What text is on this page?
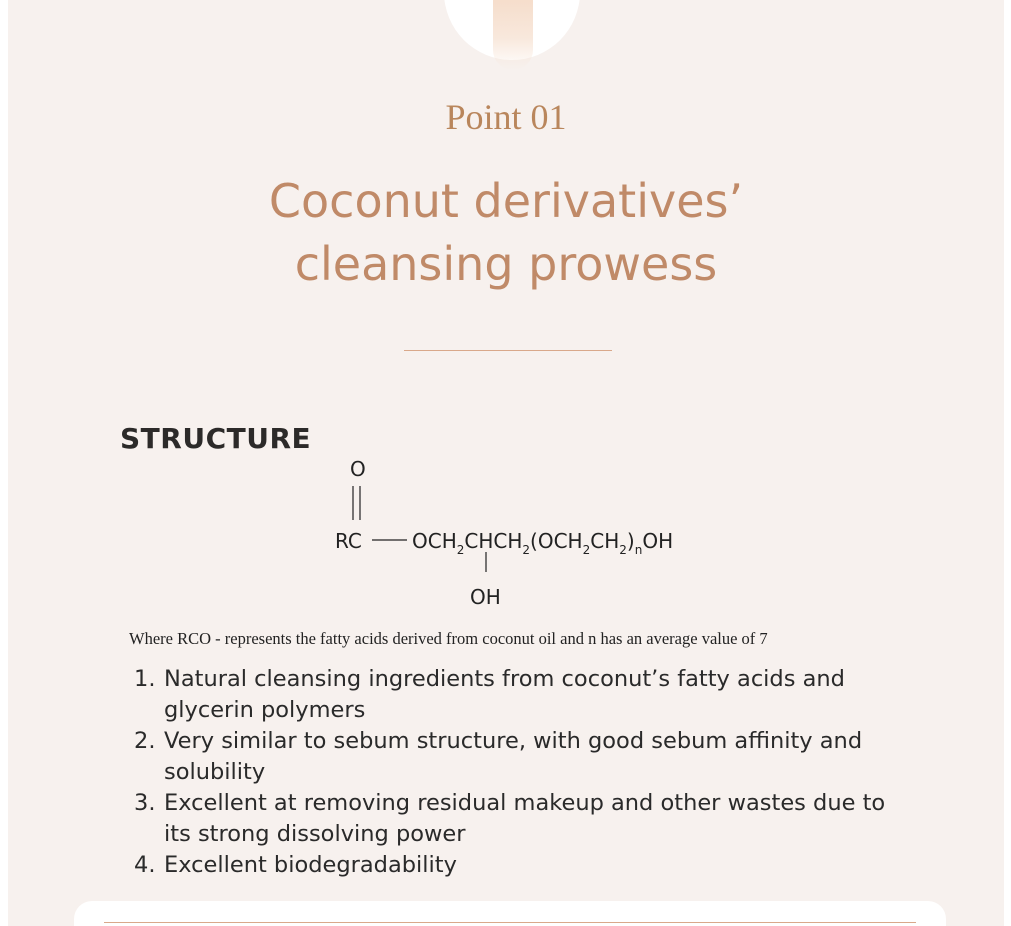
Point 01
Coconut derivatives’
cleansing prowess
STRUCTURE
O
RC	$OCH_2CHCH_2(OCH_2CH_2)_nOH$
OH
Where RCO - represents the fatty acids derived from coconut oil and n has an average value of 7
1. Natural cleansing ingredients from coconut’s fatty acids and
glycerin polymers
2. Very similar to sebum structure, with good sebum affinity and
solubility
3. Excellent at removing residual makeup and other wastes due to
its strong dissolving power
4. Excellent biodegradability
